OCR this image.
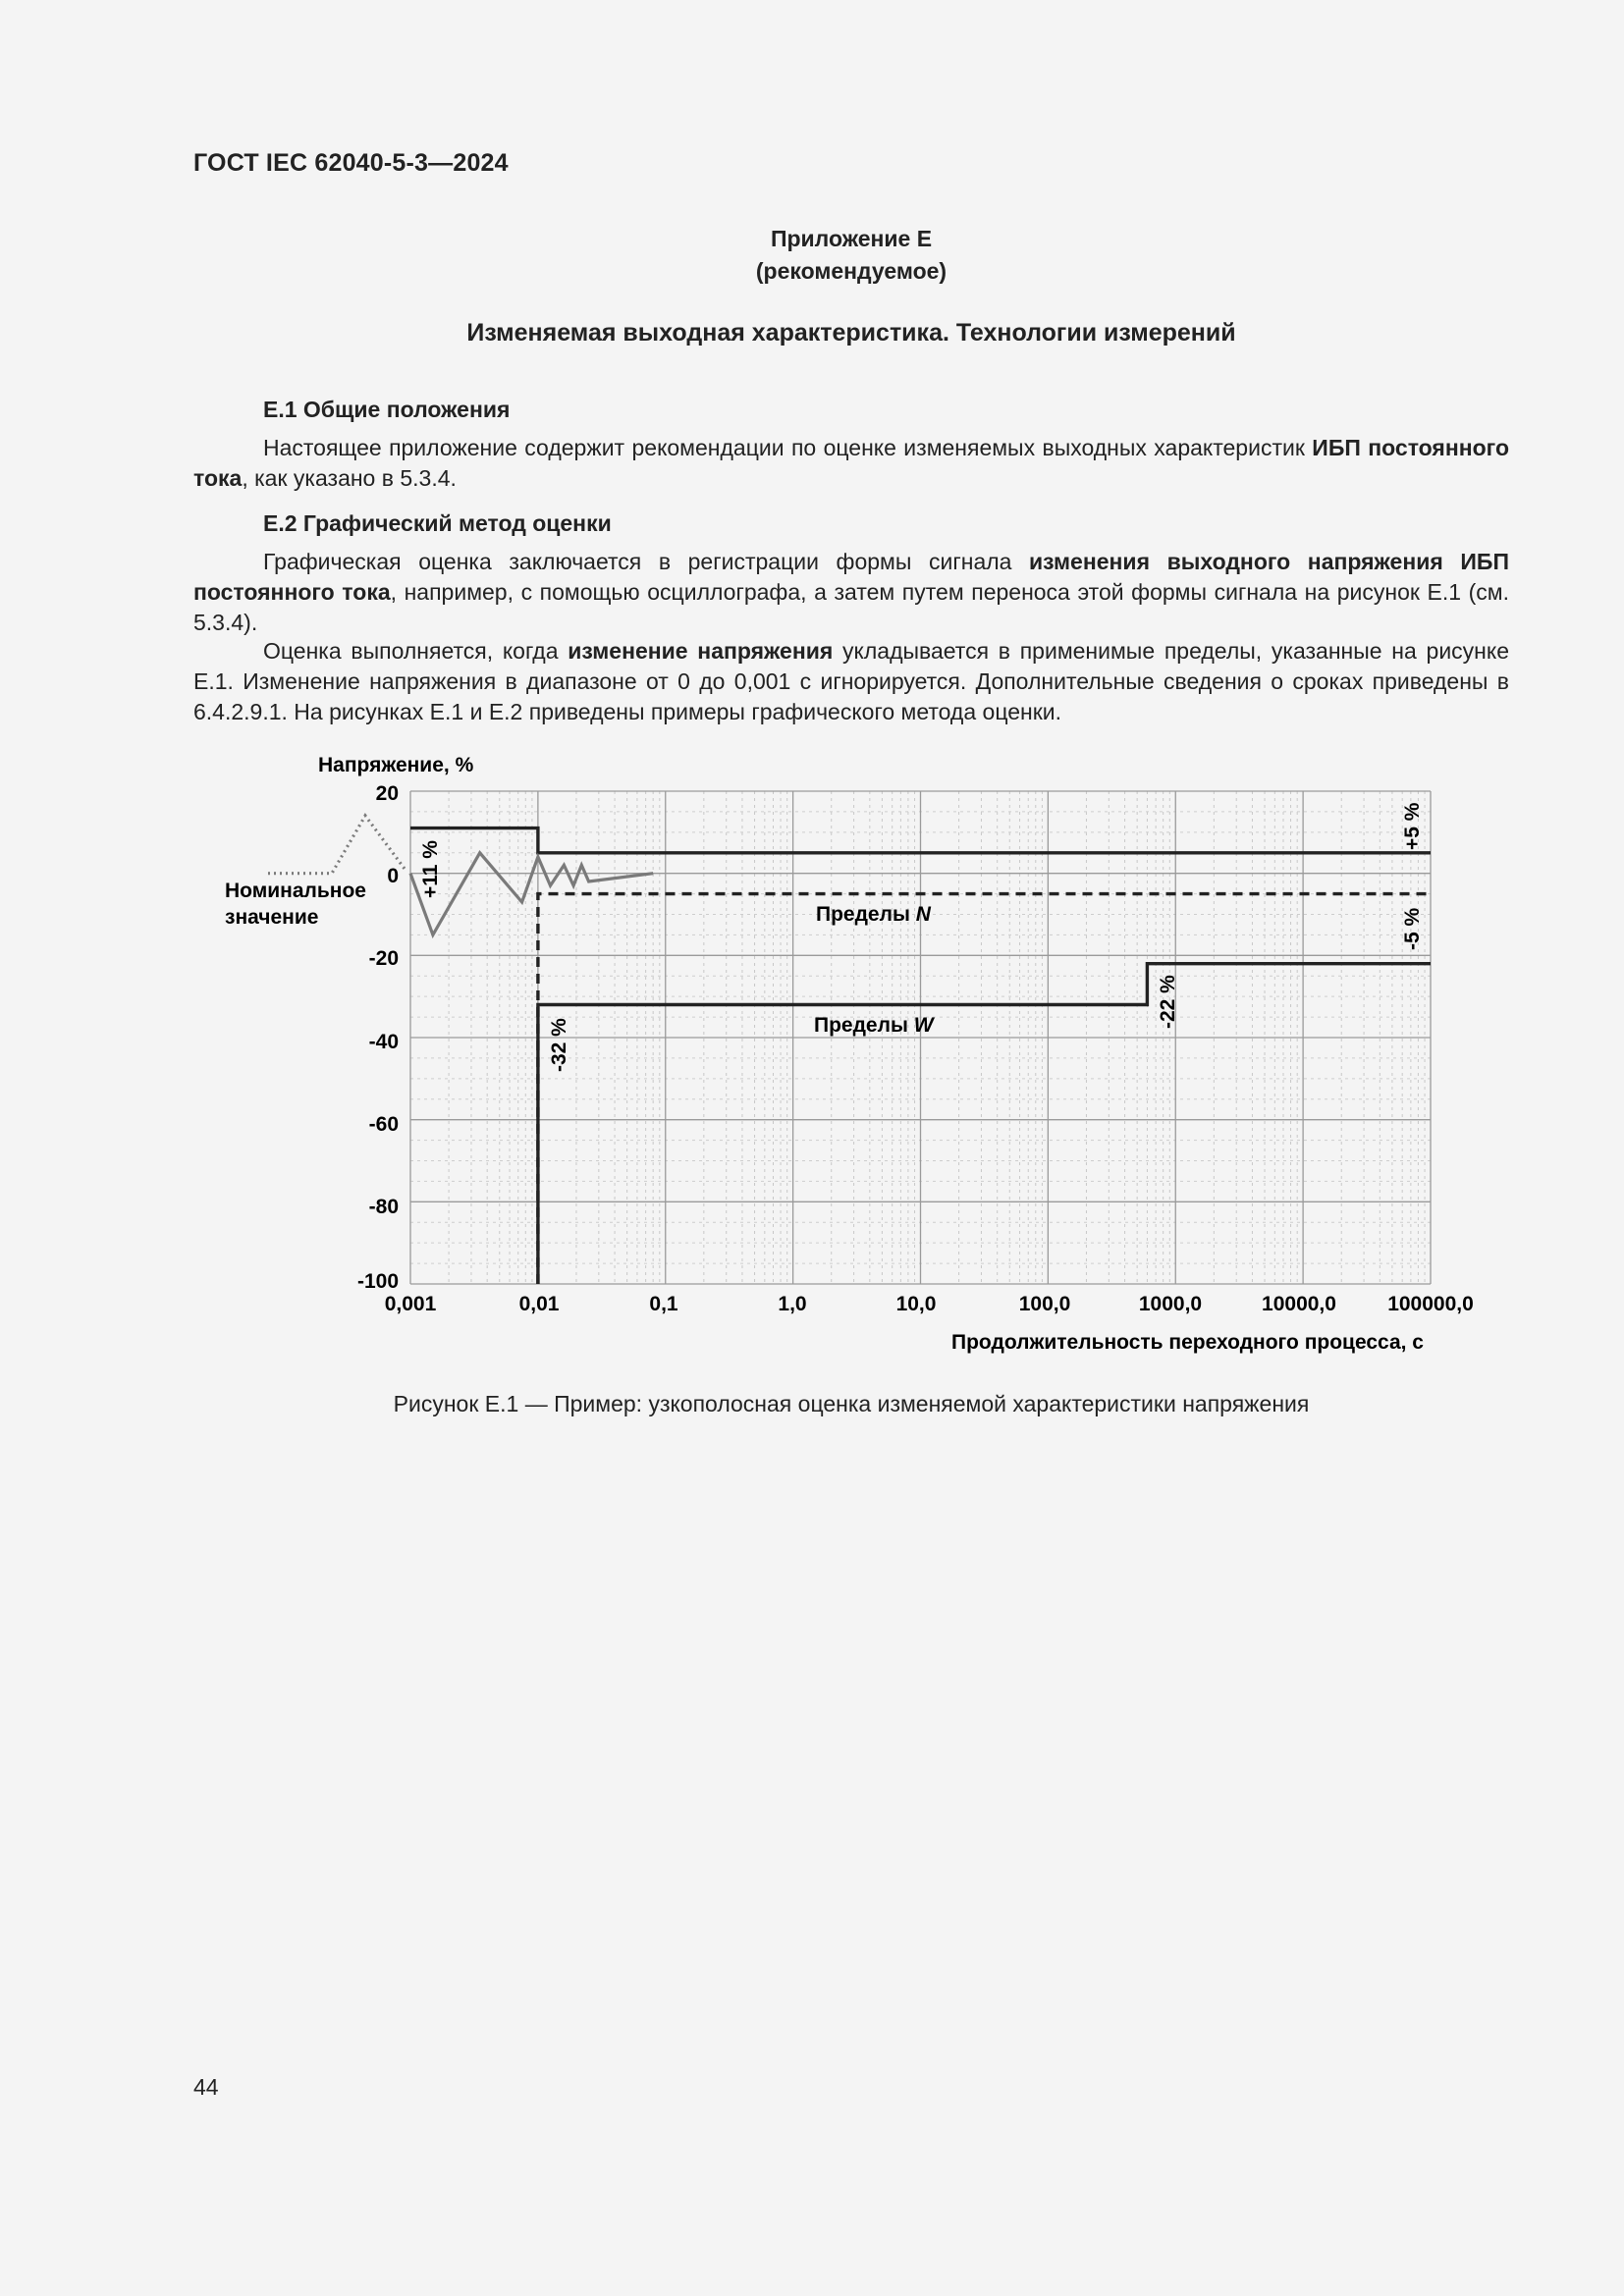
ГОСТ IEC 62040-5-3—2024
Приложение E
(рекомендуемое)
Изменяемая выходная характеристика. Технологии измерений
E.1 Общие положения
Настоящее приложение содержит рекомендации по оценке изменяемых выходных характеристик ИБП постоянного тока, как указано в 5.3.4.
E.2 Графический метод оценки
Графическая оценка заключается в регистрации формы сигнала изменения выходного напряжения ИБП постоянного тока, например, с помощью осциллографа, а затем путем переноса этой формы сигнала на рисунок E.1 (см. 5.3.4).
Оценка выполняется, когда изменение напряжения укладывается в применимые пределы, указанные на рисунке E.1. Изменение напряжения в диапазоне от 0 до 0,001 с игнорируется. Дополнительные сведения о сроках приведены в 6.4.2.9.1. На рисунках E.1 и E.2 приведены примеры графического метода оценки.
20
0
-20
-40
-60
-80
-100
0,001	0,01	0,1	1,0	10,0	100,0	1000,0	10000,0 100000,0
Напряжение, %
Продолжительность переходного процесса, с
Номинальное
значение	Пределы N
Пределы W
+11 %
+5 %
-5 %
-32 %
-22 %
Рисунок E.1 — Пример: узкополосная оценка изменяемой характеристики напряжения
44
